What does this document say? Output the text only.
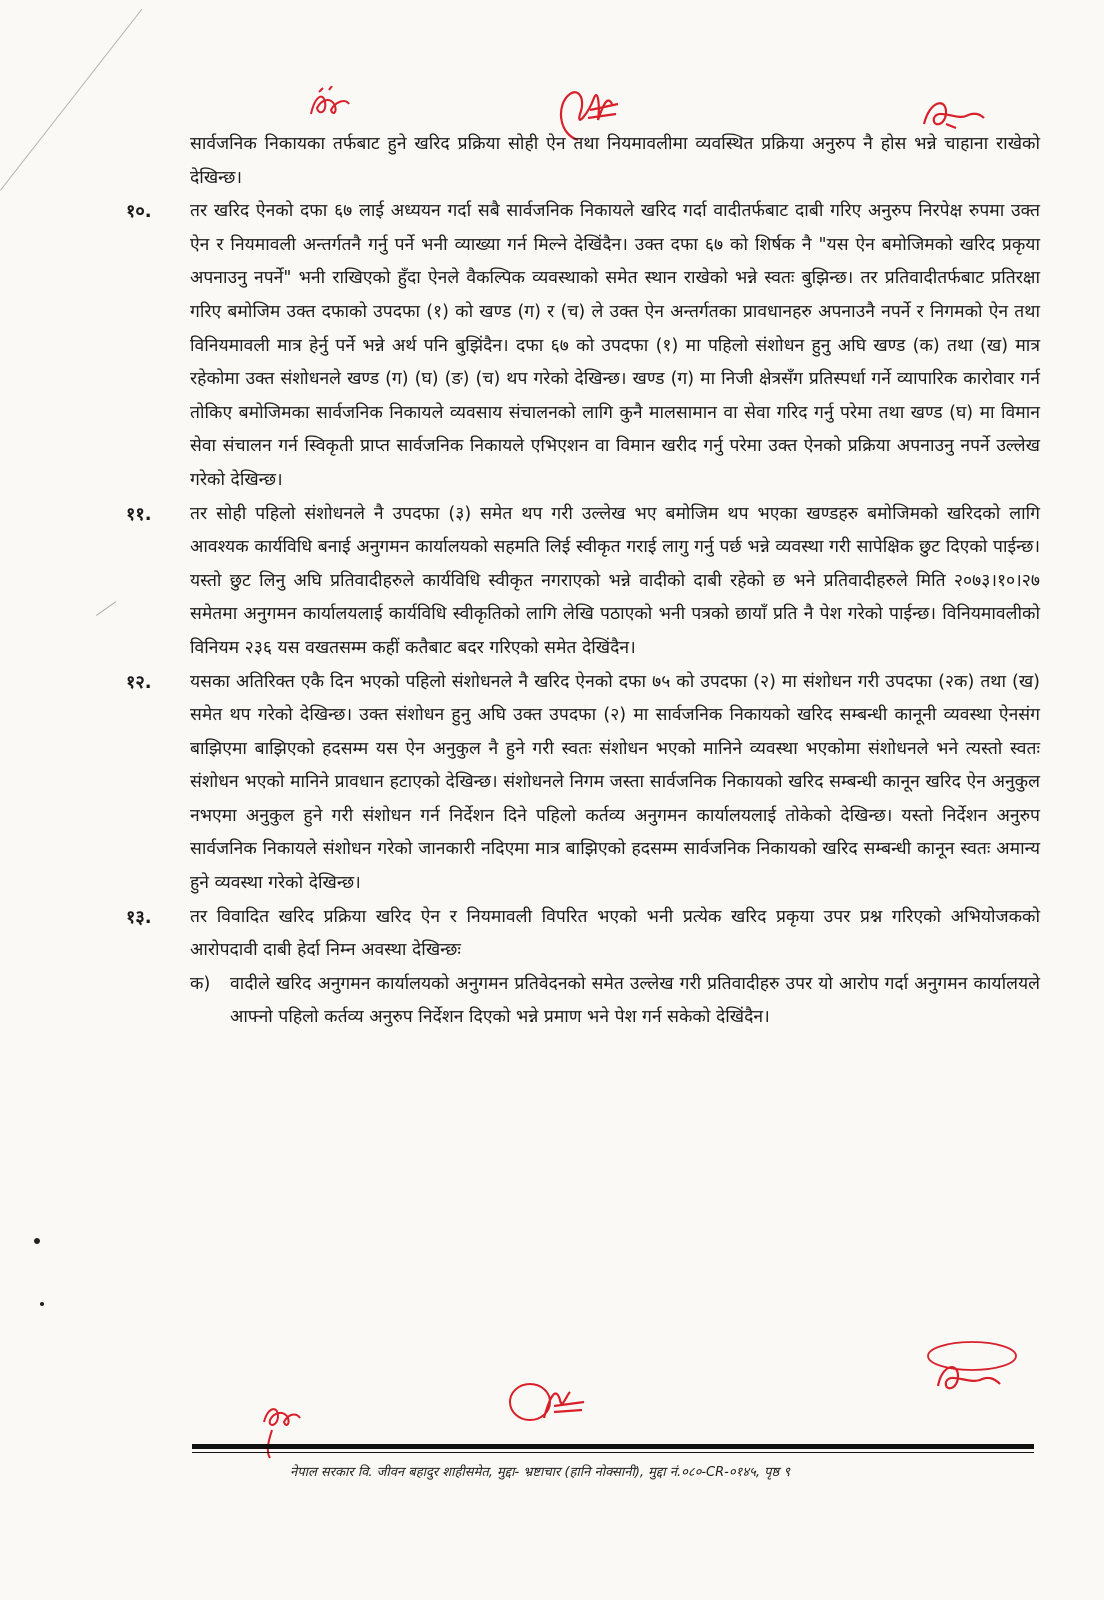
सार्वजनिक निकायका तर्फबाट हुने खरिद प्रक्रिया सोही ऐन तथा नियमावलीमा व्यवस्थित प्रक्रिया अनुरुप नै होस भन्ने चाहाना राखेको देखिन्छ।

१०. तर खरिद ऐनको दफा ६७ लाई अध्ययन गर्दा सबै सार्वजनिक निकायले खरिद गर्दा वादीतर्फबाट दाबी गरिए अनुरुप निरपेक्ष रुपमा उक्त ऐन र नियमावली अन्तर्गतनै गर्नु पर्ने भनी व्याख्या गर्न मिल्ने देखिंदैन। उक्त दफा ६७ को शिर्षक नै "यस ऐन बमोजिमको खरिद प्रकृया अपनाउनु नपर्ने" भनी राखिएको हुँदा ऐनले वैकल्पिक व्यवस्थाको समेत स्थान राखेको भन्ने स्वतः बुझिन्छ। तर प्रतिवादीतर्फबाट प्रतिरक्षा गरिए बमोजिम उक्त दफाको उपदफा (१) को खण्ड (ग) र (च) ले उक्त ऐन अन्तर्गतका प्रावधानहरु अपनाउनै नपर्ने र निगमको ऐन तथा विनियमावली मात्र हेर्नु पर्ने भन्ने अर्थ पनि बुझिंदैन। दफा ६७ को उपदफा (१) मा पहिलो संशोधन हुनु अघि खण्ड (क) तथा (ख) मात्र रहेकोमा उक्त संशोधनले खण्ड (ग) (घ) (ङ) (च) थप गरेको देखिन्छ। खण्ड (ग) मा निजी क्षेत्रसँग प्रतिस्पर्धा गर्ने व्यापारिक कारोवार गर्न तोकिए बमोजिमका सार्वजनिक निकायले व्यवसाय संचालनको लागि कुनै मालसामान वा सेवा गरिद गर्नु परेमा तथा खण्ड (घ) मा विमान सेवा संचालन गर्न स्विकृती प्राप्त सार्वजनिक निकायले एभिएशन वा विमान खरीद गर्नु परेमा उक्त ऐनको प्रक्रिया अपनाउनु नपर्ने उल्लेख गरेको देखिन्छ।
११. तर सोही पहिलो संशोधनले नै उपदफा (३) समेत थप गरी उल्लेख भए बमोजिम थप भएका खण्डहरु बमोजिमको खरिदको लागि आवश्यक कार्यविधि बनाई अनुगमन कार्यालयको सहमति लिई स्वीकृत गराई लागु गर्नु पर्छ भन्ने व्यवस्था गरी सापेक्षिक छुट दिएको पाईन्छ। यस्तो छुट लिनु अघि प्रतिवादीहरुले कार्यविधि स्वीकृत नगराएको भन्ने वादीको दाबी रहेको छ भने प्रतिवादीहरुले मिति २०७३।१०।२७ समेतमा अनुगमन कार्यालयलाई कार्यविधि स्वीकृतिको लागि लेखि पठाएको भनी पत्रको छायाँ प्रति नै पेश गरेको पाईन्छ। विनियमावलीको विनियम २३६ यस वखतसम्म कहीं कतैबाट बदर गरिएको समेत देखिंदैन।
१२. यसका अतिरिक्त एकै दिन भएको पहिलो संशोधनले नै खरिद ऐनको दफा ७५ को उपदफा (२) मा संशोधन गरी उपदफा (२क) तथा (ख) समेत थप गरेको देखिन्छ। उक्त संशोधन हुनु अघि उक्त उपदफा (२) मा सार्वजनिक निकायको खरिद सम्बन्धी कानूनी व्यवस्था ऐनसंग बाझिएमा बाझिएको हदसम्म यस ऐन अनुकुल नै हुने गरी स्वतः संशोधन भएको मानिने व्यवस्था भएकोमा संशोधनले भने त्यस्तो स्वतः संशोधन भएको मानिने प्रावधान हटाएको देखिन्छ। संशोधनले निगम जस्ता सार्वजनिक निकायको खरिद सम्बन्धी कानून खरिद ऐन अनुकुल नभएमा अनुकुल हुने गरी संशोधन गर्न निर्देशन दिने पहिलो कर्तव्य अनुगमन कार्यालयलाई तोकेको देखिन्छ। यस्तो निर्देशन अनुरुप सार्वजनिक निकायले संशोधन गरेको जानकारी नदिएमा मात्र बाझिएको हदसम्म सार्वजनिक निकायको खरिद सम्बन्धी कानून स्वतः अमान्य हुने व्यवस्था गरेको देखिन्छ।
१३. तर विवादित खरिद प्रक्रिया खरिद ऐन र नियमावली विपरित भएको भनी प्रत्येक खरिद प्रकृया उपर प्रश्न गरिएको अभियोजकको आरोपदावी दाबी हेर्दा निम्न अवस्था देखिन्छः
क) वादीले खरिद अनुगमन कार्यालयको अनुगमन प्रतिवेदनको समेत उल्लेख गरी प्रतिवादीहरु उपर यो आरोप गर्दा अनुगमन कार्यालयले आफ्नो पहिलो कर्तव्य अनुरुप निर्देशन दिएको भन्ने प्रमाण भने पेश गर्न सकेको देखिंदैन।
नेपाल सरकार वि. जीवन बहादुर शाहीसमेत, मुद्दा- भ्रष्टाचार (हानि नोक्सानी), मुद्दा नं.०८०-CR-०१४५, पृष्ठ ९
